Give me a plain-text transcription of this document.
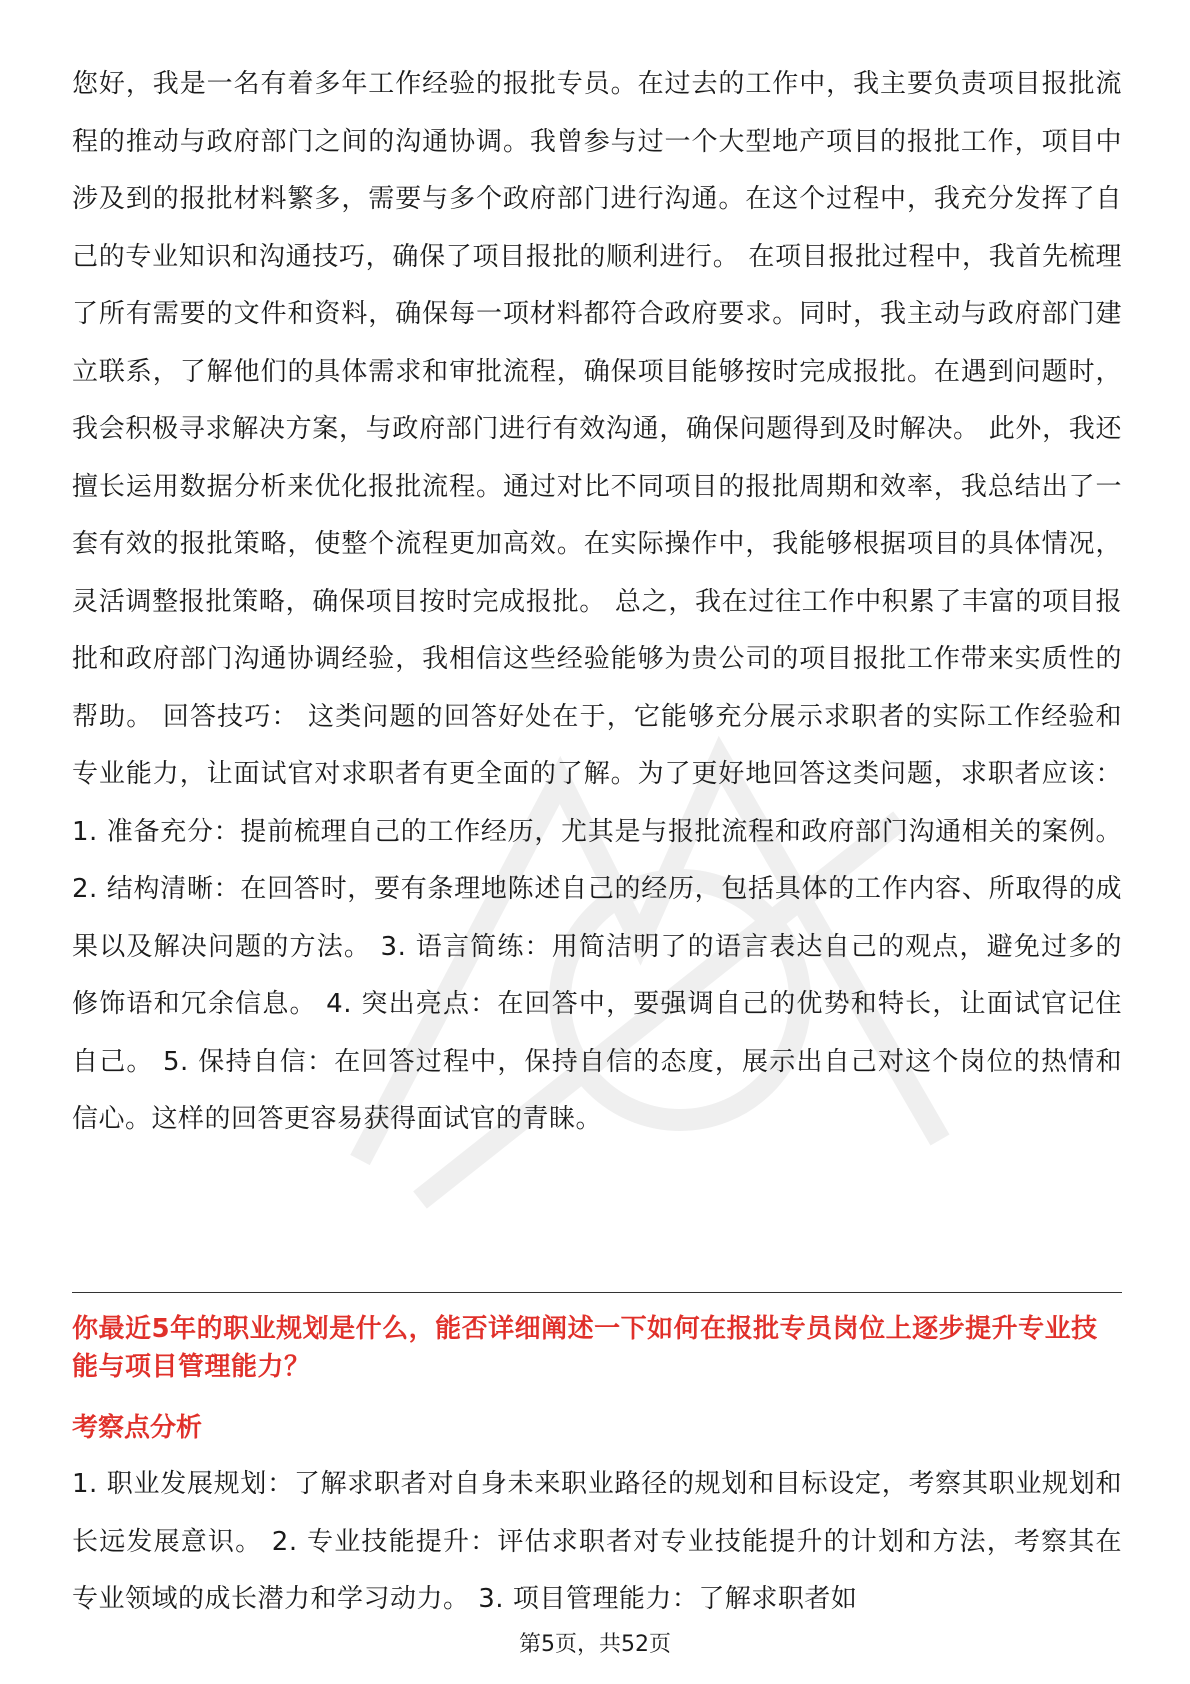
您好，我是一名有着多年工作经验的报批专员。在过去的工作中，我主要负责项目报批流程的推动与政府部门之间的沟通协调。我曾参与过一个大型地产项目的报批工作，项目中涉及到的报批材料繁多，需要与多个政府部门进行沟通。在这个过程中，我充分发挥了自己的专业知识和沟通技巧，确保了项目报批的顺利进行。 在项目报批过程中，我首先梳理了所有需要的文件和资料，确保每一项材料都符合政府要求。同时，我主动与政府部门建立联系，了解他们的具体需求和审批流程，确保项目能够按时完成报批。在遇到问题时，我会积极寻求解决方案，与政府部门进行有效沟通，确保问题得到及时解决。 此外，我还擅长运用数据分析来优化报批流程。通过对比不同项目的报批周期和效率，我总结出了一套有效的报批策略，使整个流程更加高效。在实际操作中，我能够根据项目的具体情况，灵活调整报批策略，确保项目按时完成报批。 总之，我在过往工作中积累了丰富的项目报批和政府部门沟通协调经验，我相信这些经验能够为贵公司的项目报批工作带来实质性的帮助。 回答技巧： 这类问题的回答好处在于，它能够充分展示求职者的实际工作经验和专业能力，让面试官对求职者有更全面的了解。为了更好地回答这类问题，求职者应该： 1. 准备充分：提前梳理自己的工作经历，尤其是与报批流程和政府部门沟通相关的案例。 2. 结构清晰：在回答时，要有条理地陈述自己的经历，包括具体的工作内容、所取得的成果以及解决问题的方法。 3. 语言简练：用简洁明了的语言表达自己的观点，避免过多的修饰语和冗余信息。 4. 突出亮点：在回答中，要强调自己的优势和特长，让面试官记住自己。 5. 保持自信：在回答过程中，保持自信的态度，展示出自己对这个岗位的热情和信心。这样的回答更容易获得面试官的青睐。

你最近5年的职业规划是什么，能否详细阐述一下如何在报批专员岗位上逐步提升专业技能与项目管理能力？

考察点分析

1. 职业发展规划：了解求职者对自身未来职业路径的规划和目标设定，考察其职业规划和长远发展意识。 2. 专业技能提升：评估求职者对专业技能提升的计划和方法，考察其在专业领域的成长潜力和学习动力。 3. 项目管理能力：了解求职者如

第5页，共52页
